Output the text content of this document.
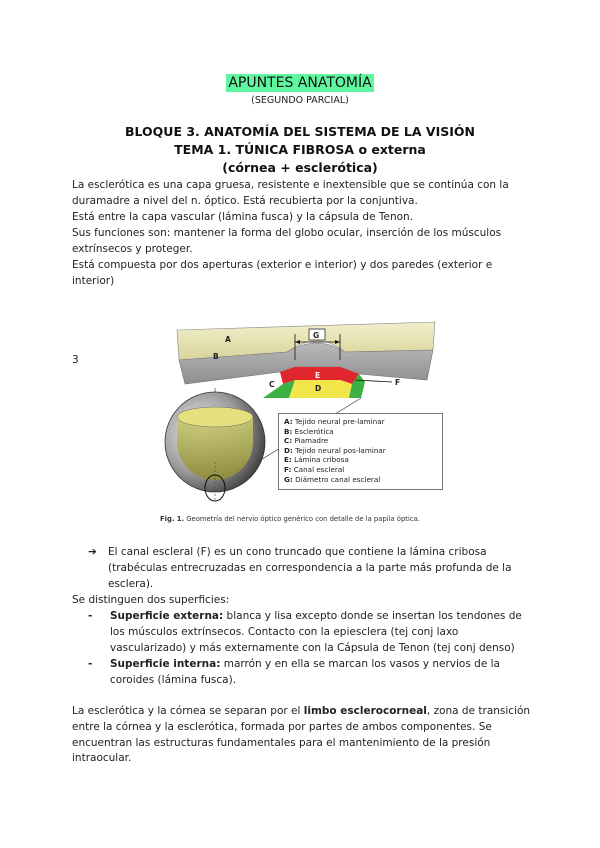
APUNTES ANATOMÍA
(SEGUNDO PARCIAL)
BLOQUE 3. ANATOMÍA DEL SISTEMA DE LA VISIÓN
TEMA 1. TÚNICA FIBROSA o externa
(córnea + esclerótica)
La esclerótica es una capa gruesa, resistente e inextensible que se continúa con la duramadre a nivel del n. óptico. Está recubierta por la conjuntiva.
Está entre la capa vascular (lámina fusca) y la cápsula de Tenon.
Sus funciones son: mantener la forma del globo ocular, inserción de los músculos extrínsecos y proteger.
Está compuesta por dos aperturas (exterior e interior) y dos paredes (exterior e interior)
3
A
B
C	D
E
F
G
A: Tejido neural pre-laminar
B: Esclerótica
C: Piamadre
D: Tejido neural pos-laminar
E: Lámina cribosa
F: Canal escleral
G: Diámetro canal escleral
Fig. 1. Geometría del nervio óptico genérico con detalle de la papila óptica.
➔ El canal escleral (F) es un cono truncado que contiene la lámina cribosa (trabéculas entrecruzadas en correspondencia a la parte más profunda de la esclera).
Se distinguen dos superficies:
- Superficie externa: blanca y lisa excepto donde se insertan los tendones de los músculos extrínsecos. Contacto con la epiesclera (tej conj laxo vascularizado) y más externamente con la Cápsula de Tenon (tej conj denso)
- Superficie interna: marrón y en ella se marcan los vasos y nervios de la coroides (lámina fusca).
La esclerótica y la córnea se separan por el limbo esclerocorneal, zona de transición entre la córnea y la esclerótica, formada por partes de ambos componentes. Se encuentran las estructuras fundamentales para el mantenimiento de la presión intraocular.
